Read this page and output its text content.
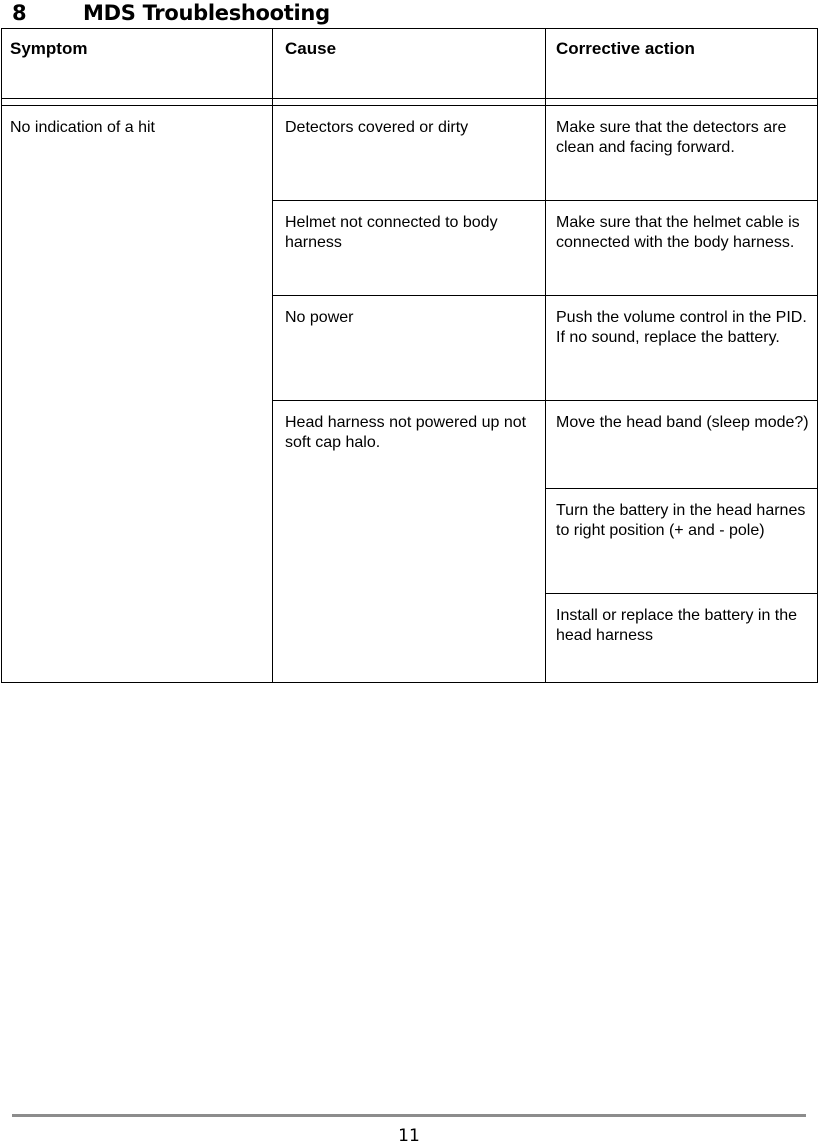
8	MDS Troubleshooting
Symptom	Cause	Corrective action

No indication of a hit	Detectors covered or dirty	Make sure that the detectors are clean and facing forward.

	Helmet not connected to body harness	Make sure that the helmet cable is connected with the body harness.

	No power	Push the volume control in the PID. If no sound, replace the battery.

	Head harness not powered up not soft cap halo.	Move the head band (sleep mode?)

		Turn the battery in the head harnes to right position (+ and - pole)

		Install or replace the battery in the head harness
11
